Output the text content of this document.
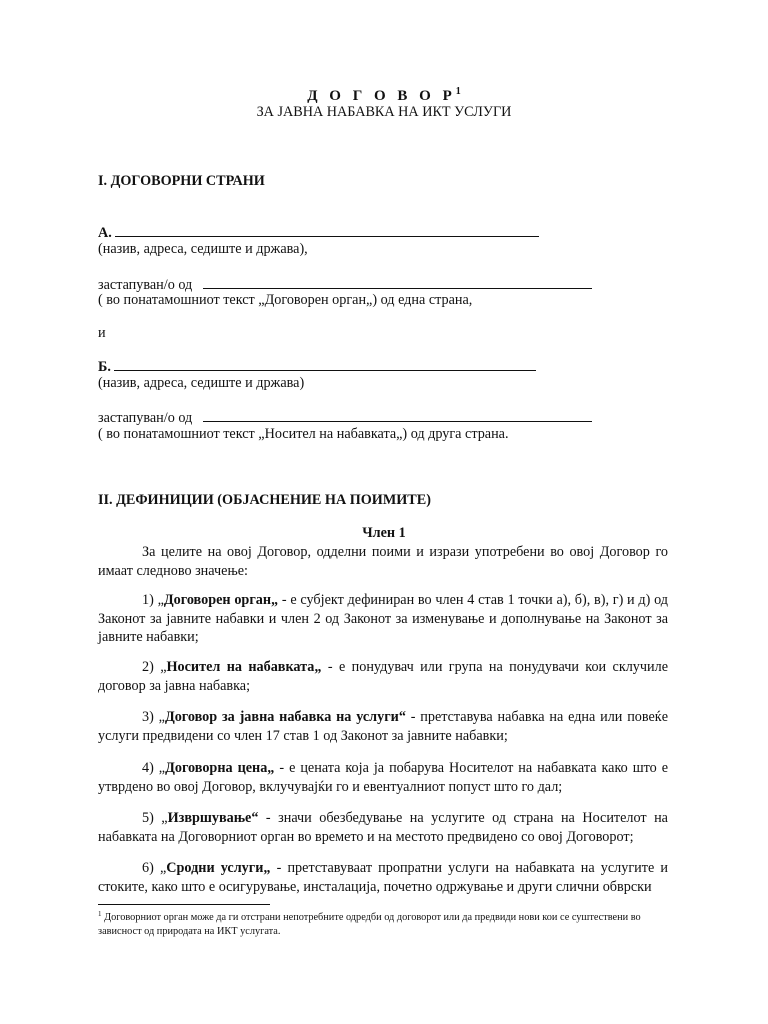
Д О Г О В О $Р^1$
ЗА ЈАВНА НАБАВКА НА ИКТ УСЛУГИ
I. ДОГОВОРНИ СТРАНИ
А.
(назив, адреса, седиште и држава),
застапуван/о од
( во понатамошниот текст „Договорен орган„) од една страна,
и
Б.
(назив, адреса, седиште и држава)
застапуван/о од
( во понатамошниот текст „Носител на набавката„) од друга страна.
II. ДЕФИНИЦИИ (ОБЈАСНЕНИЕ НА ПОИМИТЕ)
Член 1
За целите на овој Договор, одделни поими и изрази употребени во овој Договор го имаат следново значење:
1) „Договорен орган„ - е субјект дефиниран во член 4 став 1 точки а), б), в), г) и д) од Законот за јавните набавки и член 2 од Законот за изменување и дополнување на Законот за јавните набавки;
2) „Носител на набавката„ - е понудувач или група на понудувачи кои склучиле договор за јавна набавка;
3) „Договор за јавна набавка на услуги“ - претставува набавка на една или повеќе услуги предвидени со член 17 став 1 од Законот за јавните набавки;
4) „Договорна цена„ - е цената која ја побарува Носителот на набавката како што е утврдено во овој Договор, вклучувајќи го и евентуалниот попуст што го дал;
5) „Извршување“ - значи обезбедување на услугите од страна на Носителот на набавката на Договорниот орган во времето и на местото предвидено со овој Договорот;
6) „Сродни услуги„ - претставуваат пропратни услуги на набавката на услугите и стоките, како што е осигурување, инсталација, почетно одржување и други слични обврски
$^1$ Договорниот орган може да ги отстрани непотребните одредби од договорот или да предвиди нови кои се суштествени во зависност од природата на ИКТ услугата.
